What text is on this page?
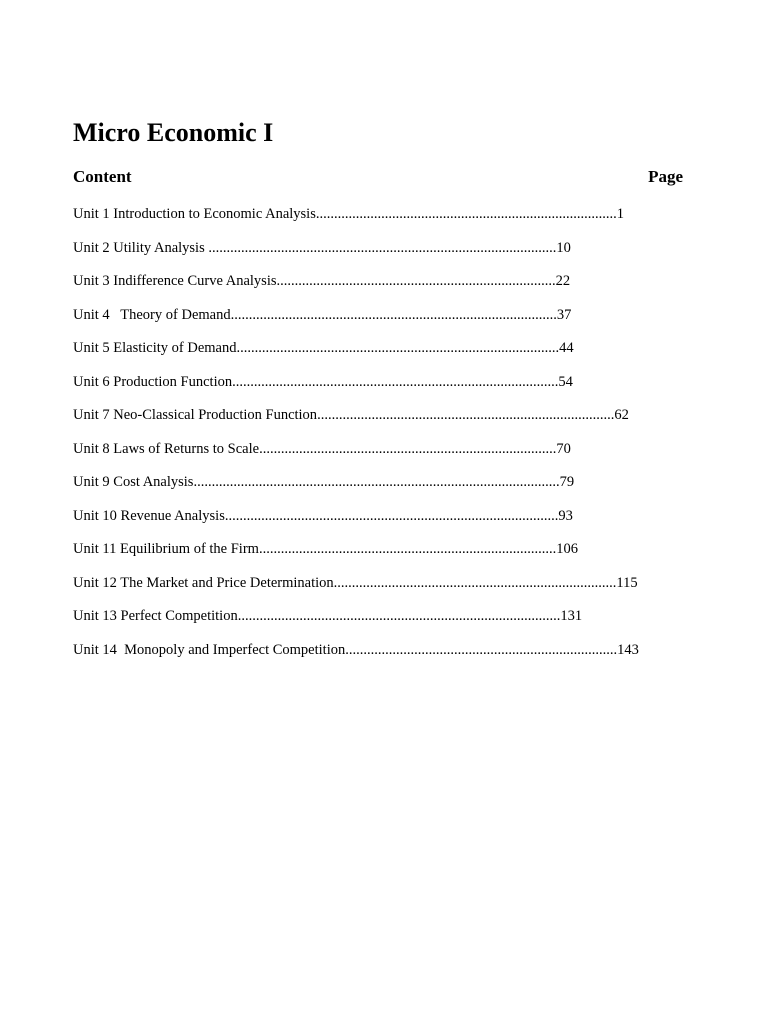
Micro Economic I
Content	Page
Unit 1 Introduction to Economic Analysis...................................................................................1
Unit 2 Utility Analysis ................................................................................................10
Unit 3 Indifference Curve Analysis.............................................................................22
Unit 4   Theory of Demand..........................................................................................37
Unit 5 Elasticity of Demand.........................................................................................44
Unit 6 Production Function..........................................................................................54
Unit 7 Neo-Classical Production Function..................................................................................62
Unit 8 Laws of Returns to Scale..................................................................................70
Unit 9 Cost Analysis.....................................................................................................79
Unit 10 Revenue Analysis............................................................................................93
Unit 11 Equilibrium of the Firm..................................................................................106
Unit 12 The Market and Price Determination..............................................................................115
Unit 13 Perfect Competition.........................................................................................131
Unit 14  Monopoly and Imperfect Competition...........................................................................143
